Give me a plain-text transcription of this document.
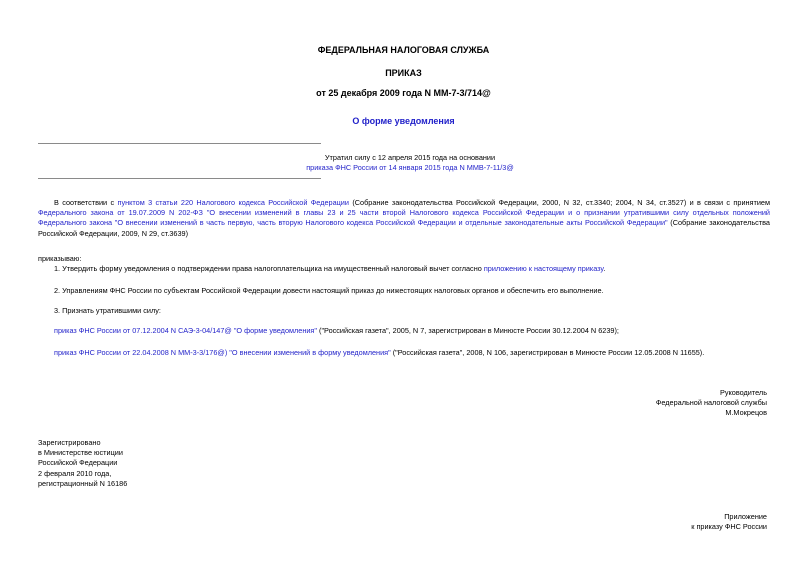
ФЕДЕРАЛЬНАЯ НАЛОГОВАЯ СЛУЖБА
ПРИКАЗ
от 25 декабря 2009 года N ММ-7-3/714@
О форме уведомления
Утратил силу с 12 апреля 2015 года на основании
приказа ФНС России от 14 января 2015 года N ММВ-7-11/3@
В соответствии с пунктом 3 статьи 220 Налогового кодекса Российской Федерации (Собрание законодательства Российской Федерации, 2000, N 32, ст.3340; 2004, N 34, ст.3527) и в связи с принятием Федерального закона от 19.07.2009 N 202-ФЗ "О внесении изменений в главы 23 и 25 части второй Налогового кодекса Российской Федерации и о признании утратившими силу отдельных положений Федерального закона "О внесении изменений в часть первую, часть вторую Налогового кодекса Российской Федерации и отдельные законодательные акты Российской Федерации" (Собрание законодательства Российской Федерации, 2009, N 29, ст.3639)
приказываю:
1. Утвердить форму уведомления о подтверждении права налогоплательщика на имущественный налоговый вычет согласно приложению к настоящему приказу.
2. Управлениям ФНС России по субъектам Российской Федерации довести настоящий приказ до нижестоящих налоговых органов и обеспечить его выполнение.
3. Признать утратившими силу:
приказ ФНС России от 07.12.2004 N САЭ-3-04/147@ "О форме уведомления" ("Российская газета", 2005, N 7, зарегистрирован в Минюсте России 30.12.2004 N 6239);
приказ ФНС России от 22.04.2008 N ММ-3-3/176@) "О внесении изменений в форму уведомления" ("Российская газета", 2008, N 106, зарегистрирован в Минюсте России 12.05.2008 N 11655).
Руководитель
Федеральной налоговой службы
М.Мокрецов
Зарегистрировано
в Министерстве юстиции
Российской Федерации
2 февраля 2010 года,
регистрационный N 16186
Приложение
к приказу ФНС России
